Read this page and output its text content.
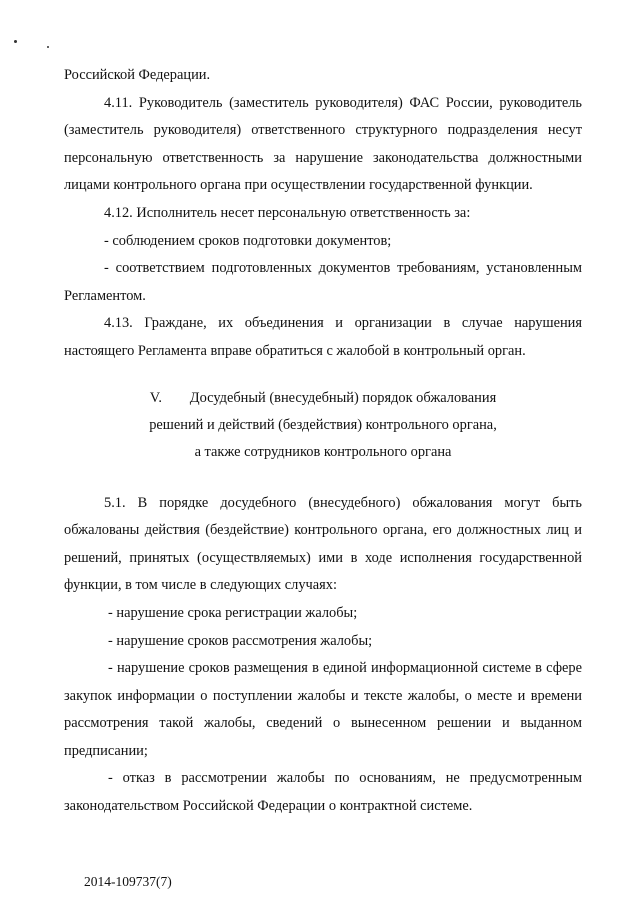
Российской Федерации.

4.11. Руководитель (заместитель руководителя) ФАС России, руководитель (заместитель руководителя) ответственного структурного подразделения несут персональную ответственность за нарушение законодательства должностными лицами контрольного органа при осуществлении государственной функции.

4.12. Исполнитель несет персональную ответственность за:

- соблюдением сроков подготовки документов;

- соответствием подготовленных документов требованиям, установленным Регламентом.

4.13. Граждане, их объединения и организации в случае нарушения настоящего Регламента вправе обратиться с жалобой в контрольный орган.

V. Досудебный (внесудебный) порядок обжалования
решений и действий (бездействия) контрольного органа,
а также сотрудников контрольного органа

5.1. В порядке досудебного (внесудебного) обжалования могут быть обжалованы действия (бездействие) контрольного органа, его должностных лиц и решений, принятых (осуществляемых) ими в ходе исполнения государственной функции, в том числе в следующих случаях:

- нарушение срока регистрации жалобы;

- нарушение сроков рассмотрения жалобы;

- нарушение сроков размещения в единой информационной системе в сфере закупок информации о поступлении жалобы и тексте жалобы, о месте и времени рассмотрения такой жалобы, сведений о вынесенном решении и выданном предписании;

- отказ в рассмотрении жалобы по основаниям, не предусмотренным законодательством Российской Федерации о контрактной системе.

2014-109737(7)
